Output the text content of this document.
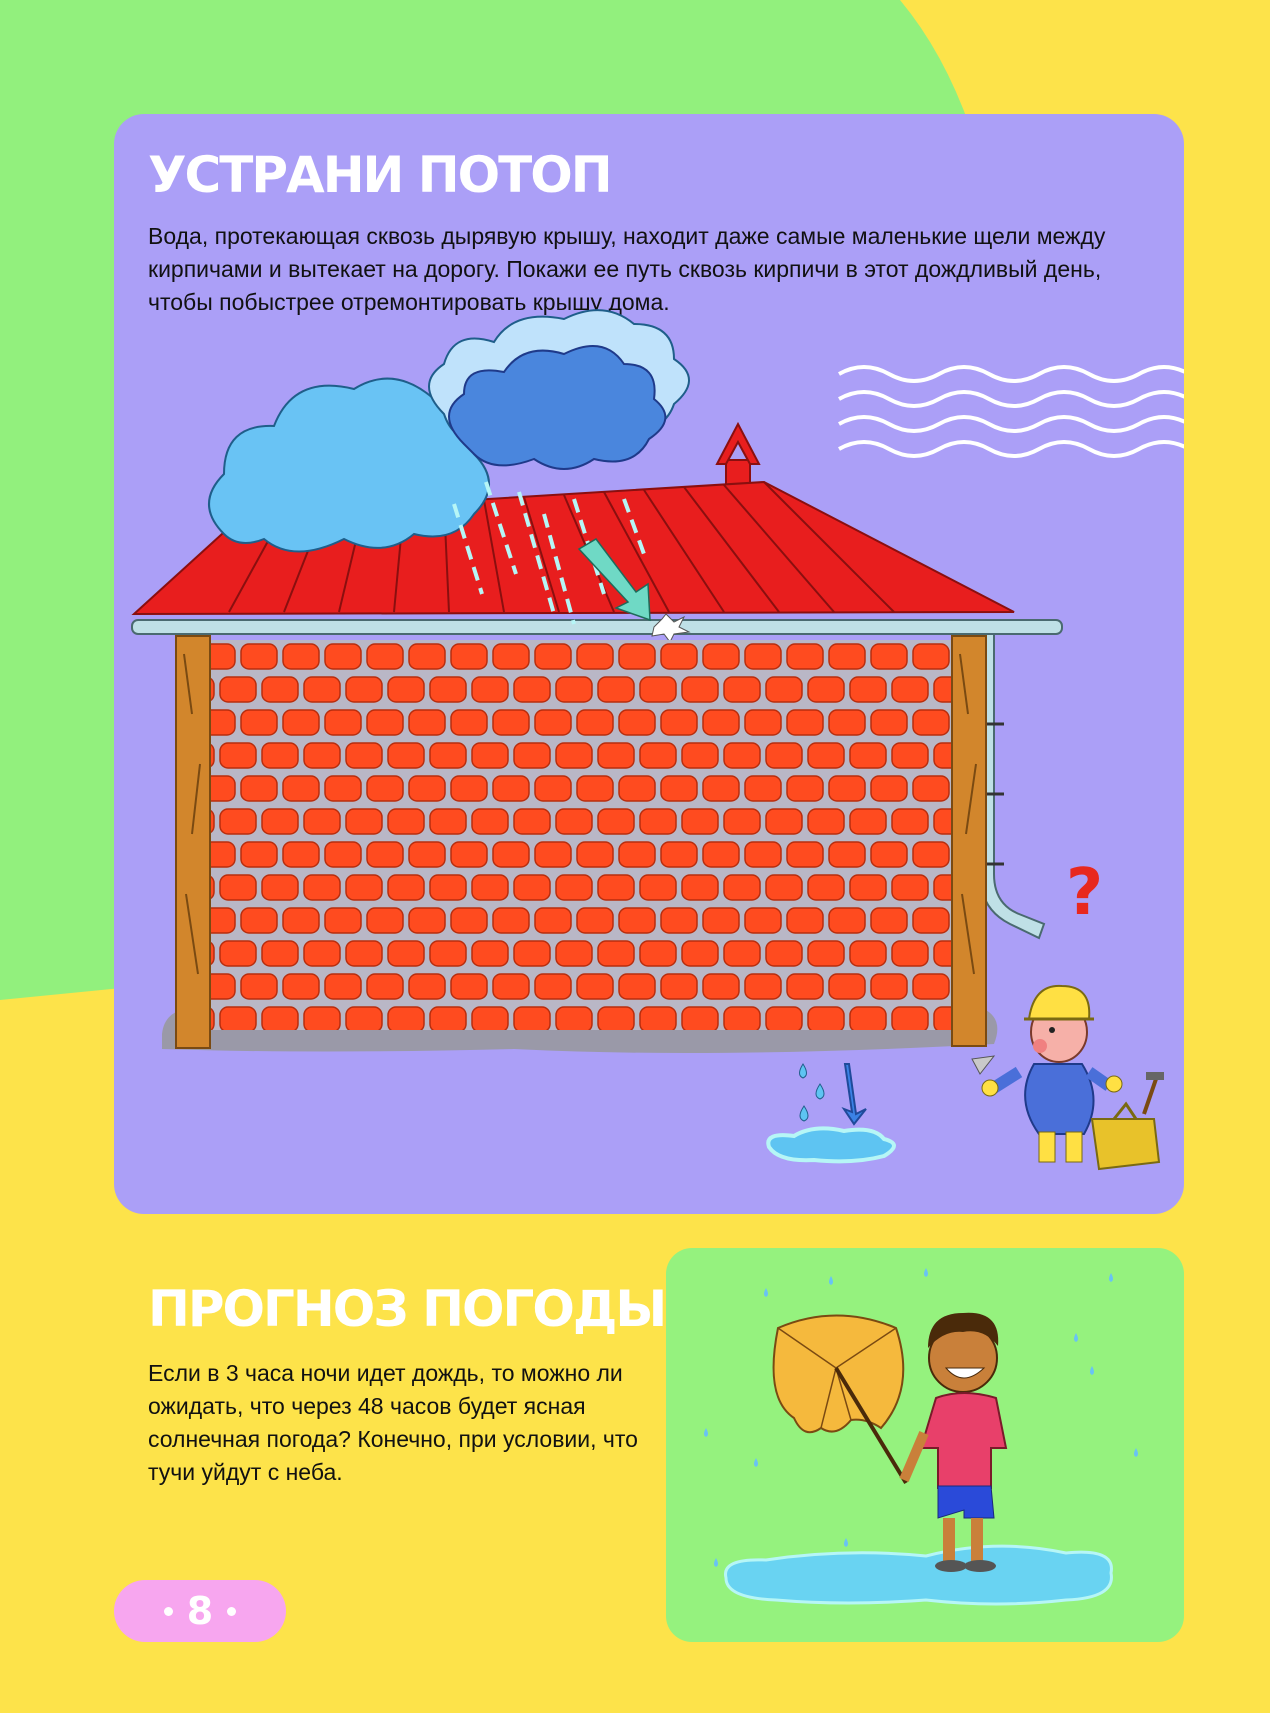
УСТРАНИ ПОТОП

Вода, протекающая сквозь дырявую крышу, находит даже самые маленькие щели между кирпичами и вытекает на дорогу. Покажи ее путь сквозь кирпичи в этот дождливый день, чтобы побыстрее отремонтировать крышу дома.

?
ПРОГНОЗ ПОГОДЫ

Если в 3 часа ночи идет дождь, то можно ли ожидать, что через 48 часов будет ясная солнечная погода? Конечно, при условии, что тучи уйдут с неба.

8
